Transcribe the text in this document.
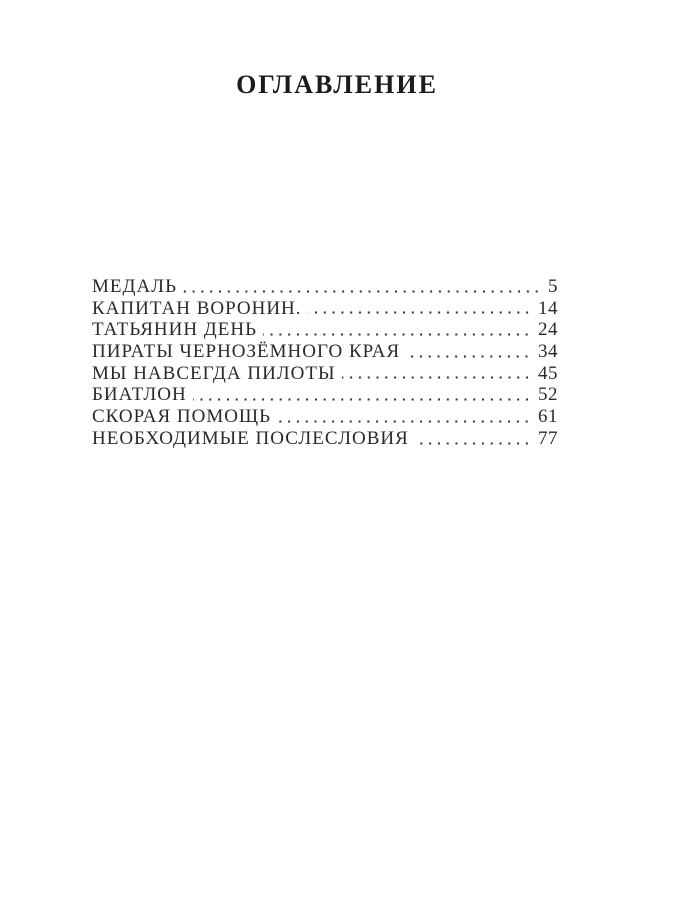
ОГЛАВЛЕНИЕ
МЕДАЛЬ	5
КАПИТАН ВОРОНИН.	14
ТАТЬЯНИН ДЕНЬ	24
ПИРАТЫ ЧЕРНОЗЁМНОГО КРАЯ	34
МЫ НАВСЕГДА ПИЛОТЫ	45
БИАТЛОН	52
СКОРАЯ ПОМОЩЬ	61
НЕОБХОДИМЫЕ ПОСЛЕСЛОВИЯ	77
